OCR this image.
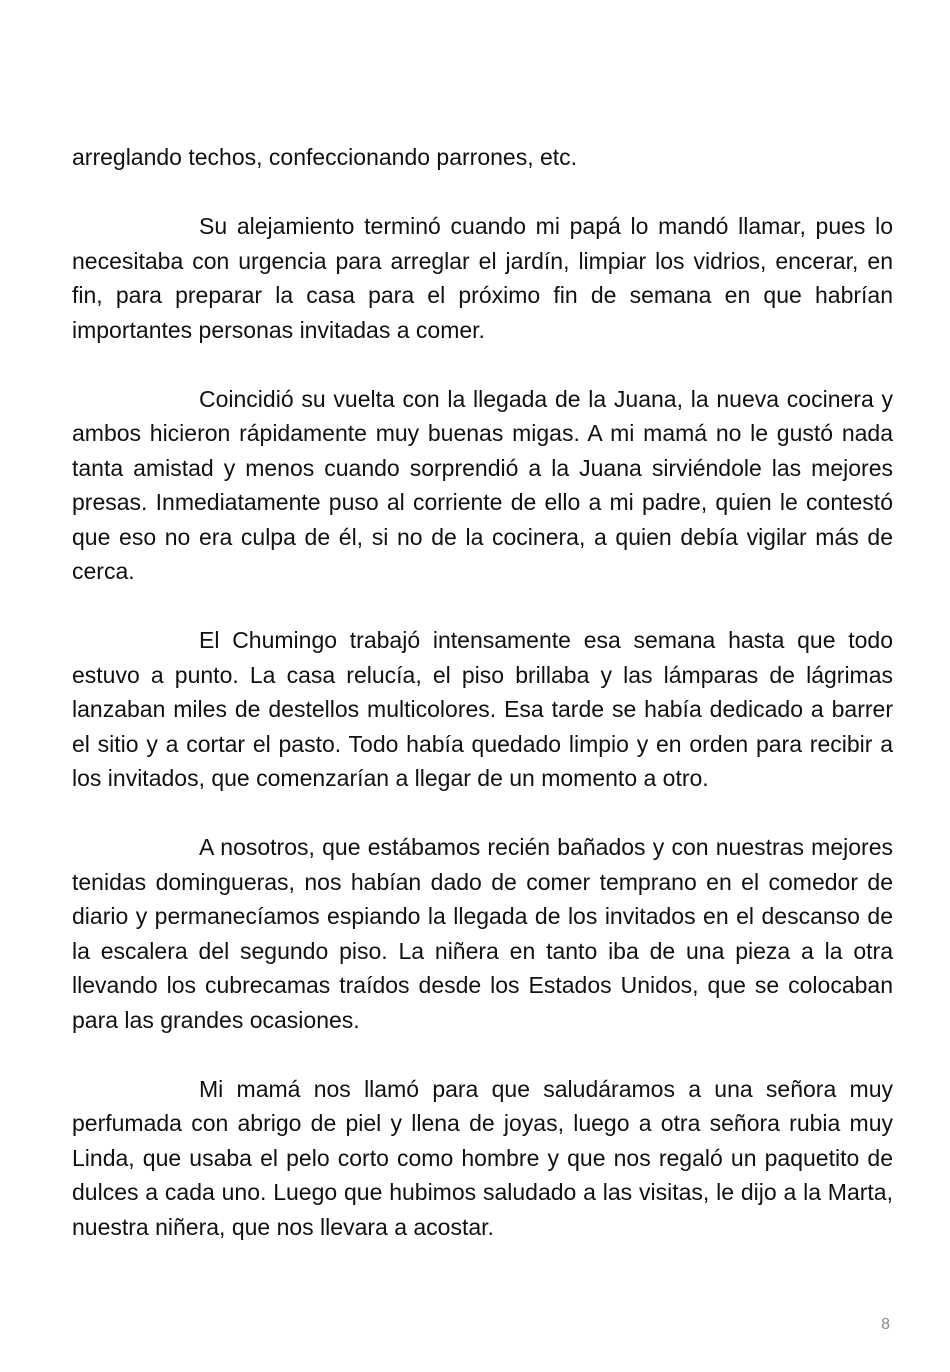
arreglando techos, confeccionando parrones, etc.

Su alejamiento terminó cuando mi papá lo mandó llamar, pues lo necesitaba con urgencia para arreglar el jardín, limpiar los vidrios, encerar, en fin, para preparar la casa para el próximo fin de semana en que habrían importantes personas invitadas a comer.

Coincidió su vuelta con la llegada de la Juana, la nueva cocinera y ambos hicieron rápidamente muy buenas migas. A mi mamá no le gustó nada tanta amistad y menos cuando sorprendió a la Juana sirviéndole las mejores presas. Inmediatamente puso al corriente de ello a mi padre, quien le contestó que eso no era culpa de él, si no de la cocinera, a quien debía vigilar más de cerca.

El Chumingo trabajó intensamente esa semana hasta que todo estuvo a punto. La casa relucía, el piso brillaba y las lámparas de lágrimas lanzaban miles de destellos multicolores. Esa tarde se había dedicado a barrer el sitio y a cortar el pasto. Todo había quedado limpio y en orden para recibir a los invitados, que comenzarían a llegar de un momento a otro.

A nosotros, que estábamos recién bañados y con nuestras mejores tenidas domingueras, nos habían dado de comer temprano en el comedor de diario y permanecíamos espiando la llegada de los invitados en el descanso de la escalera del segundo piso. La niñera en tanto iba de una pieza a la otra llevando los cubrecamas traídos desde los Estados Unidos, que se colocaban para las grandes ocasiones.

Mi mamá nos llamó para que saludáramos a una señora muy perfumada con abrigo de piel y llena de joyas, luego a otra señora rubia muy Linda, que usaba el pelo corto como hombre y que nos regaló un paquetito de dulces a cada uno. Luego que hubimos saludado a las visitas, le dijo a la Marta, nuestra niñera, que nos llevara a acostar.

8
